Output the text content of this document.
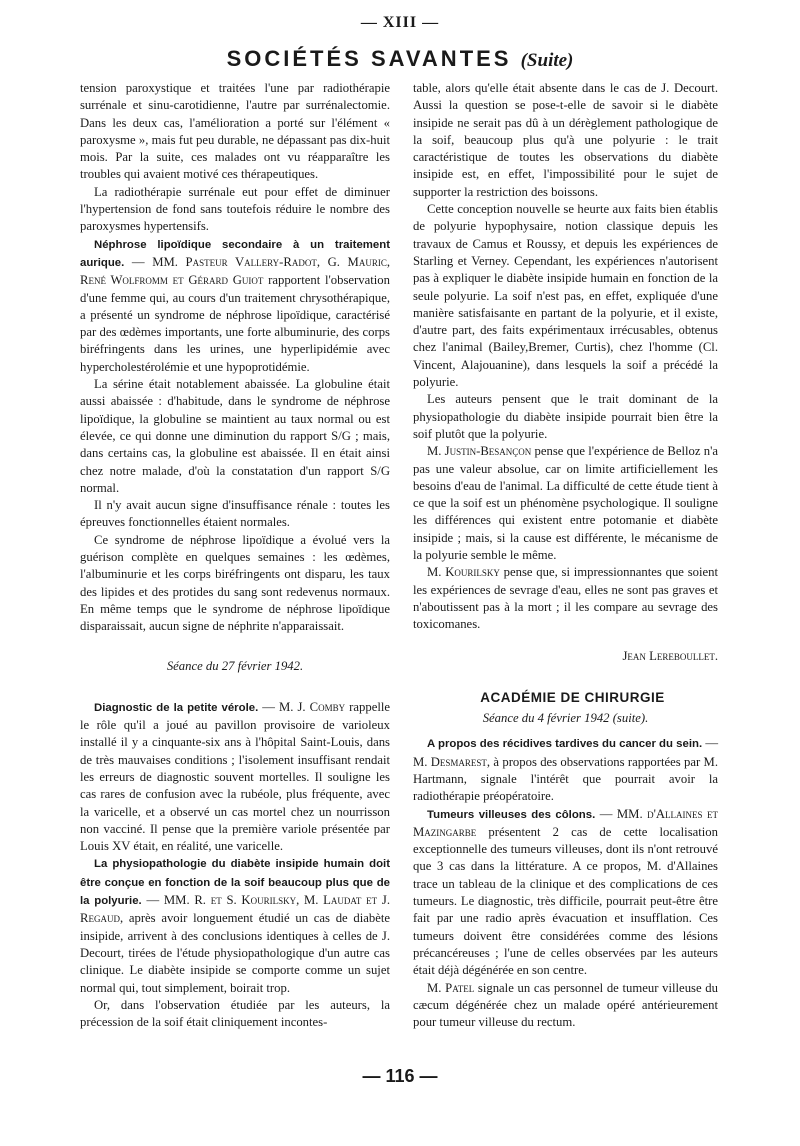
— XIII —
SOCIÉTÉS SAVANTES (Suite)

tension paroxystique et traitées l'une par radiothérapie surrénale et sinu-carotidienne, l'autre par surrénalectomie. Dans les deux cas, l'amélioration a porté sur l'élément « paroxysme », mais fut peu durable, ne dépassant pas dix-huit mois. Par la suite, ces malades ont vu réapparaître les troubles qui avaient motivé ces thérapeutiques.

La radiothérapie surrénale eut pour effet de diminuer l'hypertension de fond sans toutefois réduire le nombre des paroxysmes hypertensifs.

Néphrose lipoïdique secondaire à un traitement aurique. — MM. Pasteur Vallery-Radot, G. Mauric, René Wolfromm et Gérard Guiot rapportent l'observation d'une femme qui, au cours d'un traitement chrysothérapique, a présenté un syndrome de néphrose lipoïdique, caractérisé par des œdèmes importants, une forte albuminurie, des corps biréfringents dans les urines, une hyperlipidémie avec hypercholestérolémie et une hypoprotidémie.

La sérine était notablement abaissée. La globuline était aussi abaissée : d'habitude, dans le syndrome de néphrose lipoïdique, la globuline se maintient au taux normal ou est élevée, ce qui donne une diminution du rapport S/G ; mais, dans certains cas, la globuline est abaissée. Il en était ainsi chez notre malade, d'où la constatation d'un rapport S/G normal.

Il n'y avait aucun signe d'insuffisance rénale : toutes les épreuves fonctionnelles étaient normales.

Ce syndrome de néphrose lipoïdique a évolué vers la guérison complète en quelques semaines : les œdèmes, l'albuminurie et les corps biréfringents ont disparu, les taux des lipides et des protides du sang sont redevenus normaux. En même temps que le syndrome de néphrose lipoïdique disparaissait, aucun signe de néphrite n'apparaissait.

Séance du 27 février 1942.

Diagnostic de la petite vérole. — M. J. Comby rappelle le rôle qu'il a joué au pavillon provisoire de varioleux installé il y a cinquante-six ans à l'hôpital Saint-Louis, dans de très mauvaises conditions ; l'isolement insuffisant rendait les erreurs de diagnostic souvent mortelles. Il souligne les cas rares de confusion avec la rubéole, plus fréquente, avec la varicelle, et a observé un cas mortel chez un nourrisson non vacciné. Il pense que la première variole présentée par Louis XV était, en réalité, une varicelle.

La physiopathologie du diabète insipide humain doit être conçue en fonction de la soif beaucoup plus que de la polyurie. — MM. R. et S. Kourilsky, M. Laudat et J. Regaud, après avoir longuement étudié un cas de diabète insipide, arrivent à des conclusions identiques à celles de J. Decourt, tirées de l'étude physiopathologique d'un autre cas clinique. Le diabète insipide se comporte comme un sujet normal qui, tout simplement, boirait trop.

Or, dans l'observation étudiée par les auteurs, la précession de la soif était cliniquement incontes-

table, alors qu'elle était absente dans le cas de J. Decourt. Aussi la question se pose-t-elle de savoir si le diabète insipide ne serait pas dû à un dérèglement pathologique de la soif, beaucoup plus qu'à une polyurie : le trait caractéristique de toutes les observations du diabète insipide est, en effet, l'impossibilité pour le sujet de supporter la restriction des boissons.

Cette conception nouvelle se heurte aux faits bien établis de polyurie hypophysaire, notion classique depuis les travaux de Camus et Roussy, et depuis les expériences de Starling et Verney. Cependant, les expériences n'autorisent pas à expliquer le diabète insipide humain en fonction de la seule polyurie. La soif n'est pas, en effet, expliquée d'une manière satisfaisante en partant de la polyurie, et il existe, d'autre part, des faits expérimentaux irrécusables, obtenus chez l'animal (Bailey,Bremer, Curtis), chez l'homme (Cl. Vincent, Alajouanine), dans lesquels la soif a précédé la polyurie.

Les auteurs pensent que le trait dominant de la physiopathologie du diabète insipide pourrait bien être la soif plutôt que la polyurie.

M. Justin-Besançon pense que l'expérience de Belloz n'a pas une valeur absolue, car on limite artificiellement les besoins d'eau de l'animal. La difficulté de cette étude tient à ce que la soif est un phénomène psychologique. Il souligne les différences qui existent entre potomanie et diabète insipide ; mais, si la cause est différente, le mécanisme de la polyurie semble le même.

M. Kourilsky pense que, si impressionnantes que soient les expériences de sevrage d'eau, elles ne sont pas graves et n'aboutissent pas à la mort ; il les compare au sevrage des toxicomanes.

Jean Lereboullet.

ACADÉMIE DE CHIRURGIE

Séance du 4 février 1942 (suite).

A propos des récidives tardives du cancer du sein. — M. Desmarest, à propos des observations rapportées par M. Hartmann, signale l'intérêt que pourrait avoir la radiothérapie préopératoire.

Tumeurs villeuses des côlons. — MM. d'Allaines et Mazingarbe présentent 2 cas de cette localisation exceptionnelle des tumeurs villeuses, dont ils n'ont retrouvé que 3 cas dans la littérature. A ce propos, M. d'Allaines trace un tableau de la clinique et des complications de ces tumeurs. Le diagnostic, très difficile, pourrait peut-être être fait par une radio après évacuation et insufflation. Ces tumeurs doivent être considérées comme des lésions précancéreuses ; l'une de celles observées par les auteurs était déjà dégénérée en son centre.

M. Patel signale un cas personnel de tumeur villeuse du cæcum dégénérée chez un malade opéré antérieurement pour tumeur villeuse du rectum.

— 116 —
